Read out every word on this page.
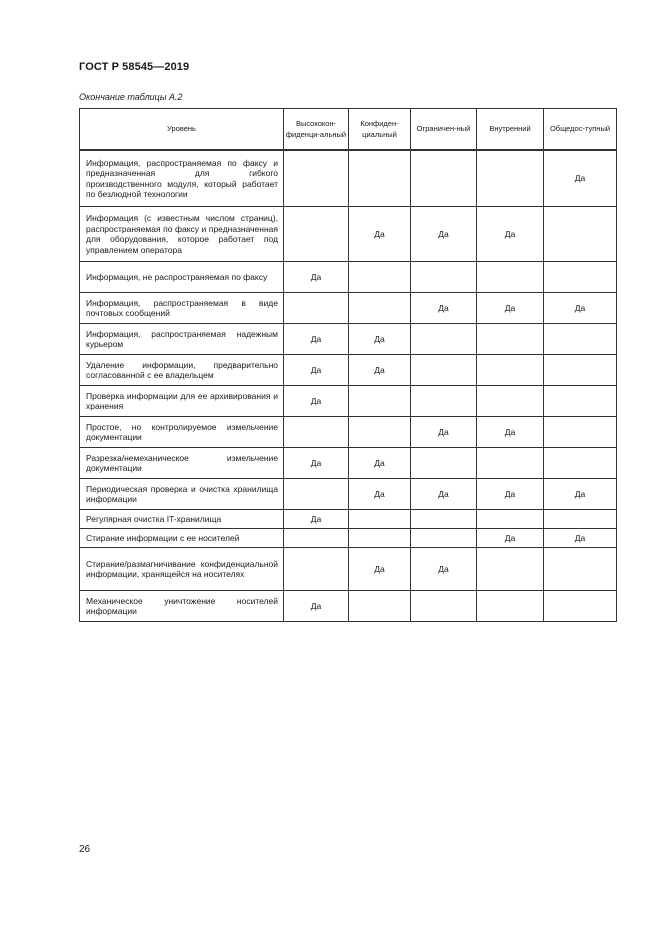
ГОСТ Р 58545—2019
Окончание таблицы А.2
Уровень	Высококон-фиденци-альный	Конфиден-циальный	Ограничен-ный	Внутренний	Общедос-тупный
Информация, распространяемая по факсу и предназначенная для гибкого производственного модуля, который работает по безлюдной технологии					Да
Информация (с известным числом страниц), распространяемая по факсу и предназначенная для оборудования, которое работает под управлением оператора		Да	Да	Да	
Информация, не распространяемая по факсу	Да				
Информация, распространяемая в виде почтовых сообщений			Да	Да	Да
Информация, распространяемая надежным курьером	Да	Да			
Удаление информации, предварительно согласованной с ее владельцем	Да	Да			
Проверка информации для ее архивирования и хранения	Да				
Простое, но контролируемое измельчение документации			Да	Да	
Разрезка/немеханическое измельчение документации	Да	Да			
Периодическая проверка и очистка хранилища информации		Да	Да	Да	Да
Регулярная очистка IT-хранилища	Да				
Стирание информации с ее носителей				Да	Да
Стирание/размагничивание конфиденциальной информации, хранящейся на носителях		Да	Да		
Механическое уничтожение носителей информации	Да				
26
